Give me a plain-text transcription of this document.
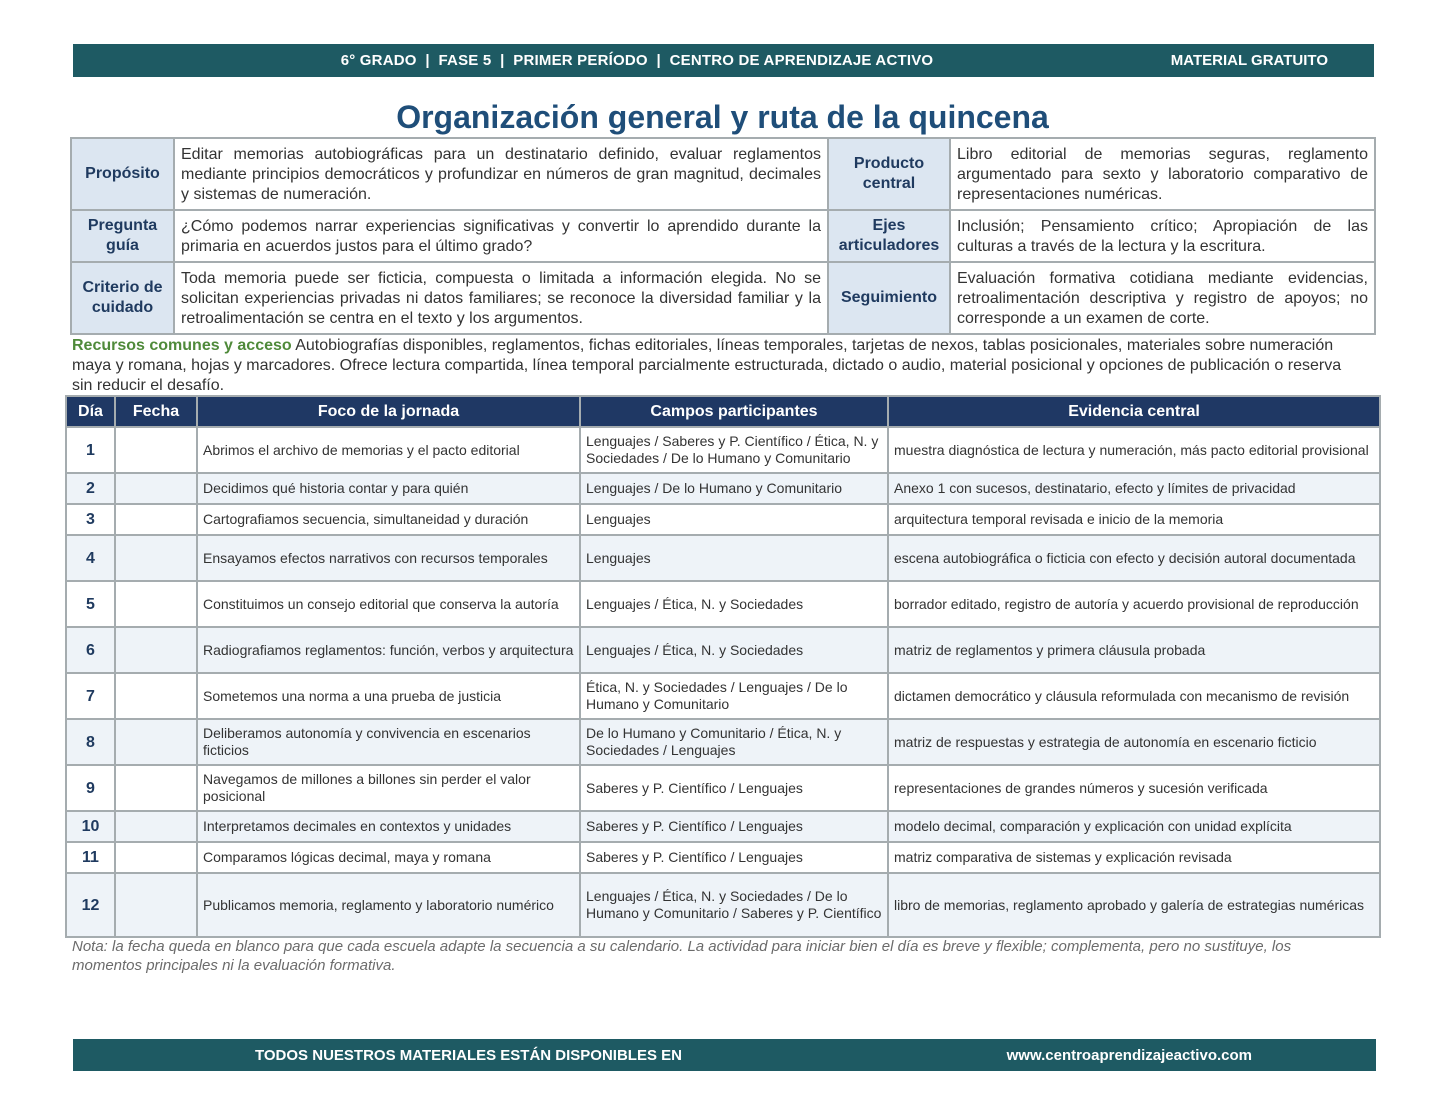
6° GRADO  |  FASE 5  |  PRIMER PERÍODO  |  CENTRO DE APRENDIZAJE ACTIVO	MATERIAL GRATUITO
Organización general y ruta de la quincena
Propósito	Editar memorias autobiográficas para un destinatario definido, evaluar reglamentos mediante principios democráticos y profundizar en números de gran magnitud, decimales y sistemas de numeración.	Producto central	Libro editorial de memorias seguras, reglamento argumentado para sexto y laboratorio comparativo de representaciones numéricas.
Pregunta guía	¿Cómo podemos narrar experiencias significativas y convertir lo aprendido durante la primaria en acuerdos justos para el último grado?	Ejes articuladores	Inclusión; Pensamiento crítico; Apropiación de las culturas a través de la lectura y la escritura.
Criterio de cuidado	Toda memoria puede ser ficticia, compuesta o limitada a información elegida. No se solicitan experiencias privadas ni datos familiares; se reconoce la diversidad familiar y la retroalimentación se centra en el texto y los argumentos.	Seguimiento	Evaluación formativa cotidiana mediante evidencias, retroalimentación descriptiva y registro de apoyos; no corresponde a un examen de corte.
Recursos comunes y acceso Autobiografías disponibles, reglamentos, fichas editoriales, líneas temporales, tarjetas de nexos, tablas posicionales, materiales sobre numeración maya y romana, hojas y marcadores. Ofrece lectura compartida, línea temporal parcialmente estructurada, dictado o audio, material posicional y opciones de publicación o reserva sin reducir el desafío.
Día	Fecha	Foco de la jornada	Campos participantes	Evidencia central
1		Abrimos el archivo de memorias y el pacto editorial	Lenguajes / Saberes y P. Científico / Ética, N. y Sociedades / De lo Humano y Comunitario	muestra diagnóstica de lectura y numeración, más pacto editorial provisional
2		Decidimos qué historia contar y para quién	Lenguajes / De lo Humano y Comunitario	Anexo 1 con sucesos, destinatario, efecto y límites de privacidad
3		Cartografiamos secuencia, simultaneidad y duración	Lenguajes	arquitectura temporal revisada e inicio de la memoria
4		Ensayamos efectos narrativos con recursos temporales	Lenguajes	escena autobiográfica o ficticia con efecto y decisión autoral documentada
5		Constituimos un consejo editorial que conserva la autoría	Lenguajes / Ética, N. y Sociedades	borrador editado, registro de autoría y acuerdo provisional de reproducción
6		Radiografiamos reglamentos: función, verbos y arquitectura	Lenguajes / Ética, N. y Sociedades	matriz de reglamentos y primera cláusula probada
7		Sometemos una norma a una prueba de justicia	Ética, N. y Sociedades / Lenguajes / De lo Humano y Comunitario	dictamen democrático y cláusula reformulada con mecanismo de revisión
8		Deliberamos autonomía y convivencia en escenarios ficticios	De lo Humano y Comunitario / Ética, N. y Sociedades / Lenguajes	matriz de respuestas y estrategia de autonomía en escenario ficticio
9		Navegamos de millones a billones sin perder el valor posicional	Saberes y P. Científico / Lenguajes	representaciones de grandes números y sucesión verificada
10		Interpretamos decimales en contextos y unidades	Saberes y P. Científico / Lenguajes	modelo decimal, comparación y explicación con unidad explícita
11		Comparamos lógicas decimal, maya y romana	Saberes y P. Científico / Lenguajes	matriz comparativa de sistemas y explicación revisada
12		Publicamos memoria, reglamento y laboratorio numérico	Lenguajes / Ética, N. y Sociedades / De lo Humano y Comunitario / Saberes y P. Científico	libro de memorias, reglamento aprobado y galería de estrategias numéricas
Nota: la fecha queda en blanco para que cada escuela adapte la secuencia a su calendario. La actividad para iniciar bien el día es breve y flexible; complementa, pero no sustituye, los momentos principales ni la evaluación formativa.
TODOS NUESTROS MATERIALES ESTÁN DISPONIBLES EN	www.centroaprendizajeactivo.com
